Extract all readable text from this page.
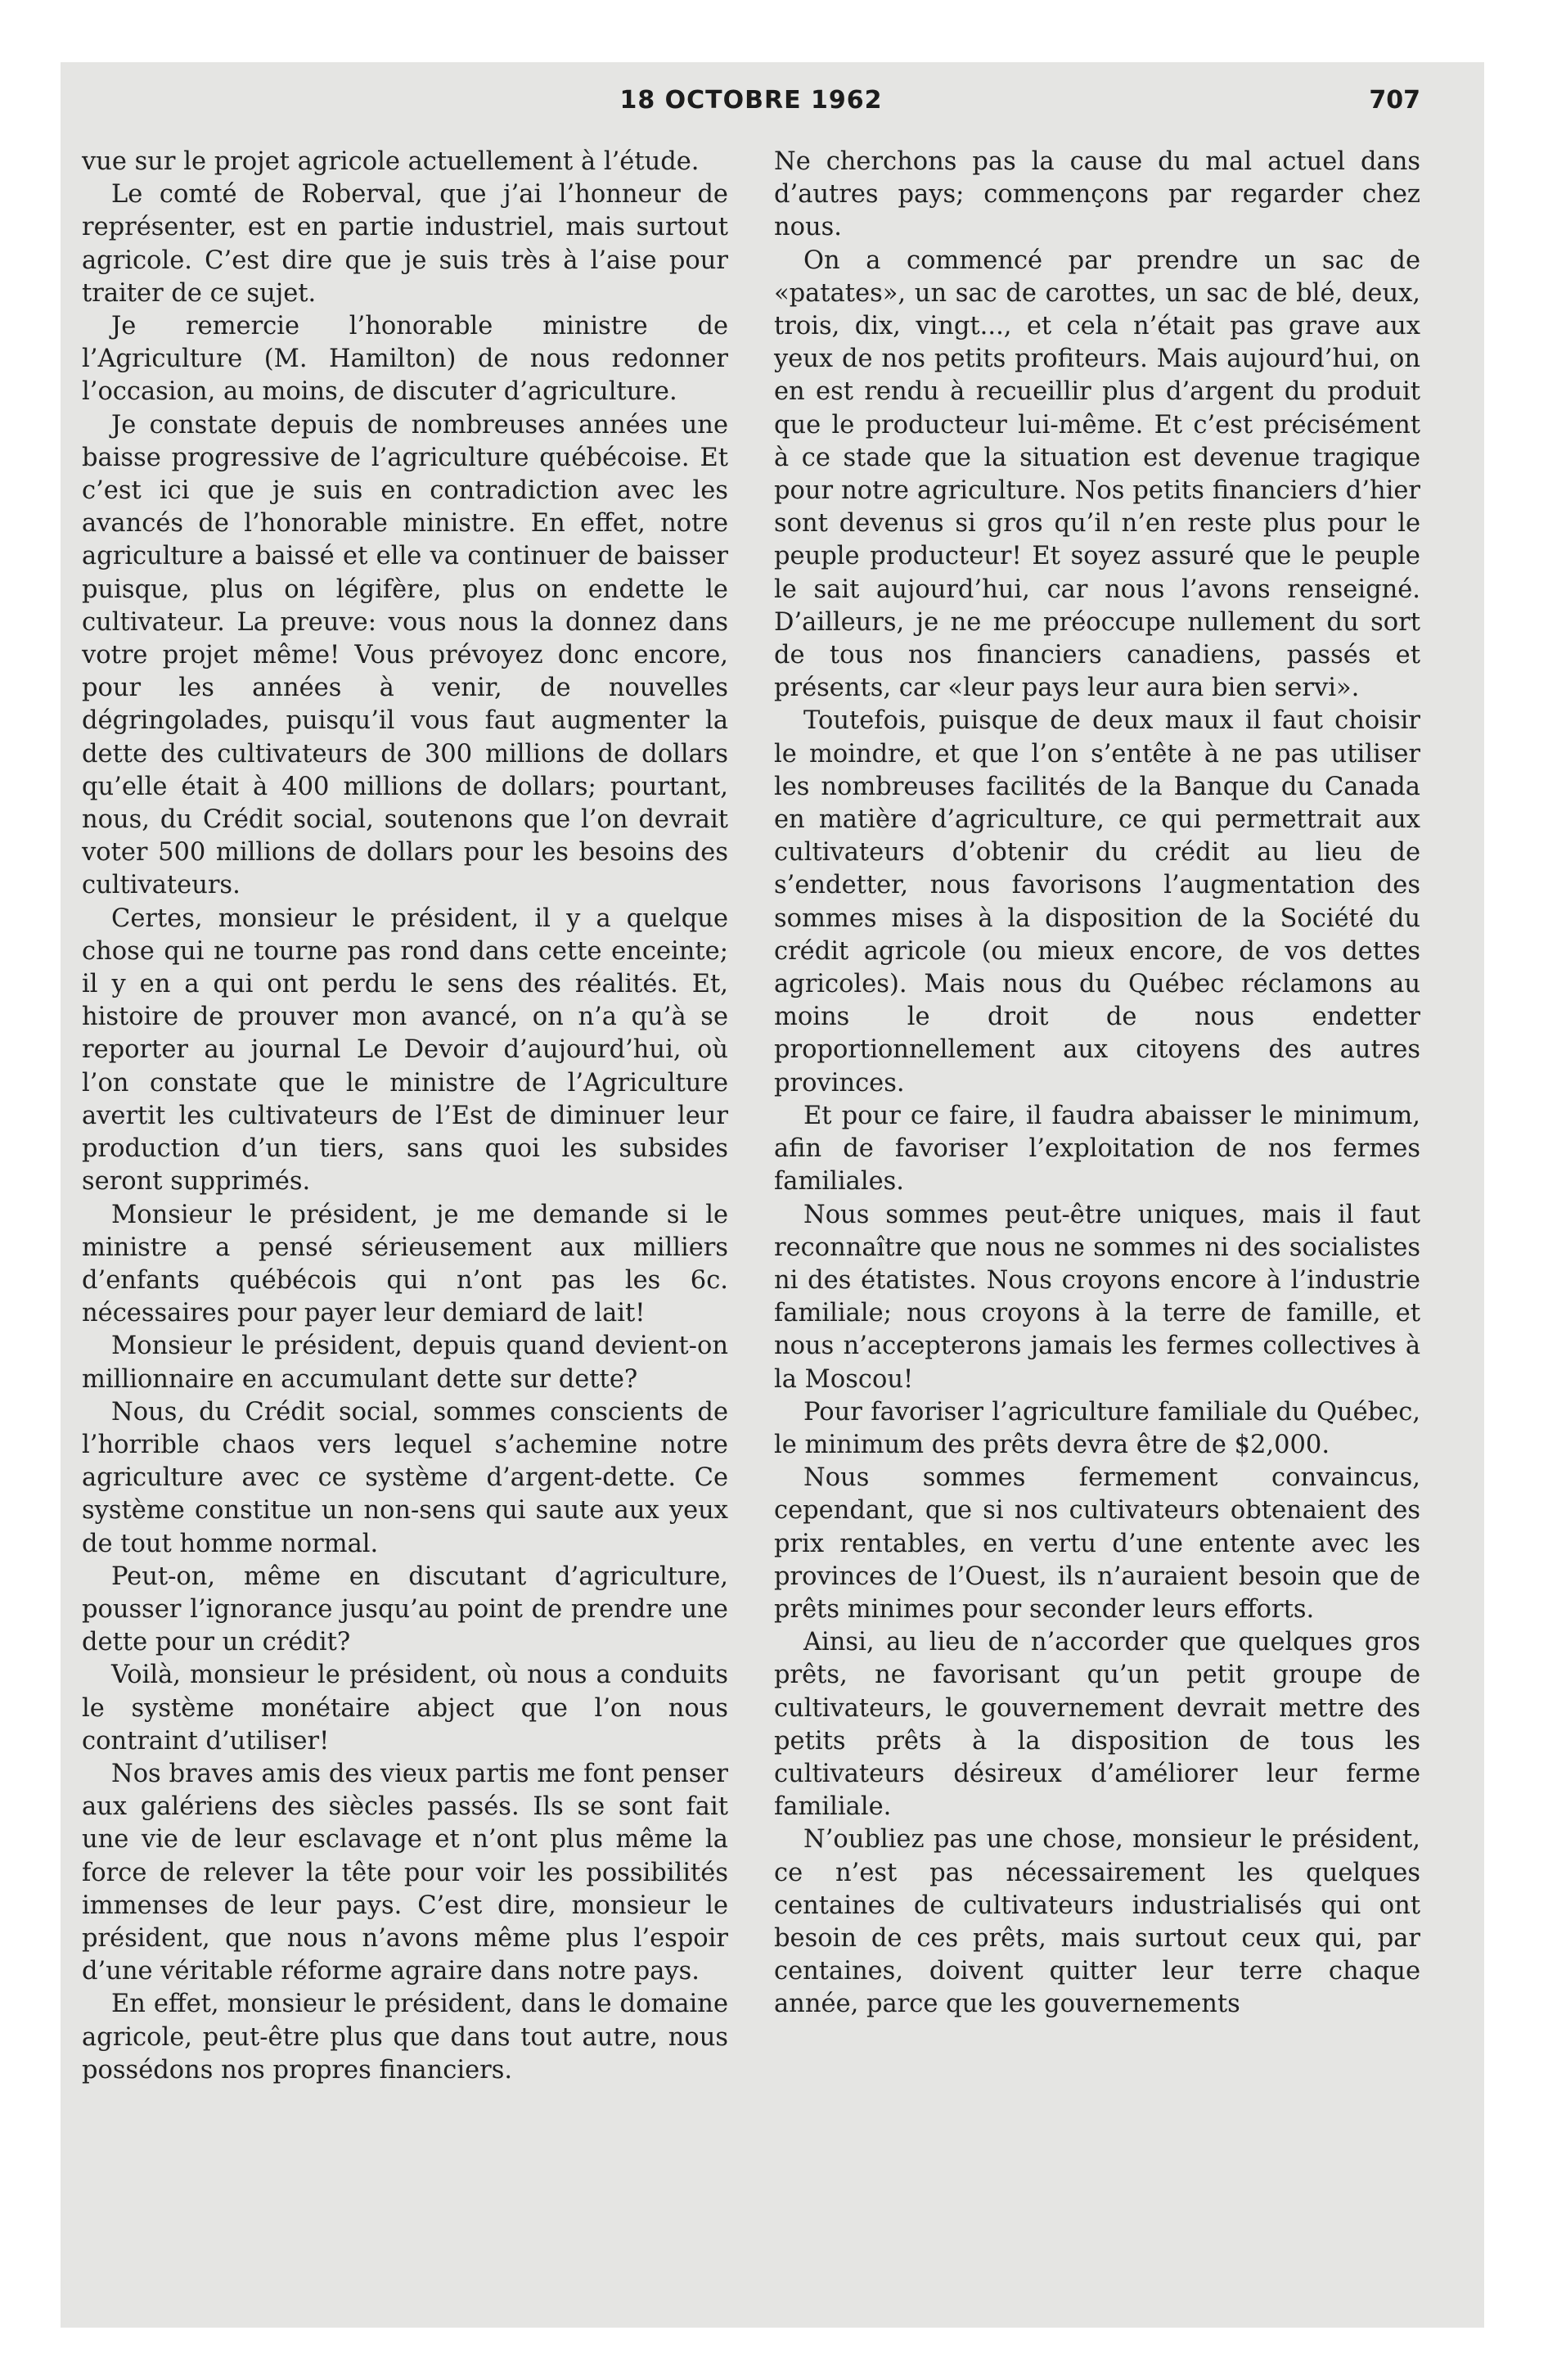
18 OCTOBRE 1962	707

vue sur le projet agricole actuellement à l’étude.

Le comté de Roberval, que j’ai l’honneur de représenter, est en partie industriel, mais surtout agricole. C’est dire que je suis très à l’aise pour traiter de ce sujet.

Je remercie l’honorable ministre de l’Agriculture (M. Hamilton) de nous redonner l’occasion, au moins, de discuter d’agriculture.

Je constate depuis de nombreuses années une baisse progressive de l’agriculture québécoise. Et c’est ici que je suis en contradiction avec les avancés de l’honorable ministre. En effet, notre agriculture a baissé et elle va continuer de baisser puisque, plus on légifère, plus on endette le cultivateur. La preuve: vous nous la donnez dans votre projet même! Vous prévoyez donc encore, pour les années à venir, de nouvelles dégringolades, puisqu’il vous faut augmenter la dette des cultivateurs de 300 millions de dollars qu’elle était à 400 millions de dollars; pourtant, nous, du Crédit social, soutenons que l’on devrait voter 500 millions de dollars pour les besoins des cultivateurs.

Certes, monsieur le président, il y a quelque chose qui ne tourne pas rond dans cette enceinte; il y en a qui ont perdu le sens des réalités. Et, histoire de prouver mon avancé, on n’a qu’à se reporter au journal Le Devoir d’aujourd’hui, où l’on constate que le ministre de l’Agriculture avertit les cultivateurs de l’Est de diminuer leur production d’un tiers, sans quoi les subsides seront supprimés.

Monsieur le président, je me demande si le ministre a pensé sérieusement aux milliers d’enfants québécois qui n’ont pas les 6c. nécessaires pour payer leur demiard de lait!

Monsieur le président, depuis quand devient-on millionnaire en accumulant dette sur dette?

Nous, du Crédit social, sommes conscients de l’horrible chaos vers lequel s’achemine notre agriculture avec ce système d’argent-dette. Ce système constitue un non-sens qui saute aux yeux de tout homme normal.

Peut-on, même en discutant d’agriculture, pousser l’ignorance jusqu’au point de prendre une dette pour un crédit?

Voilà, monsieur le président, où nous a conduits le système monétaire abject que l’on nous contraint d’utiliser!

Nos braves amis des vieux partis me font penser aux galériens des siècles passés. Ils se sont fait une vie de leur esclavage et n’ont plus même la force de relever la tête pour voir les possibilités immenses de leur pays. C’est dire, monsieur le président, que nous n’avons même plus l’espoir d’une véritable réforme agraire dans notre pays.

En effet, monsieur le président, dans le domaine agricole, peut-être plus que dans tout autre, nous possédons nos propres financiers.

Ne cherchons pas la cause du mal actuel dans d’autres pays; commençons par regarder chez nous.

On a commencé par prendre un sac de «patates», un sac de carottes, un sac de blé, deux, trois, dix, vingt..., et cela n’était pas grave aux yeux de nos petits profiteurs. Mais aujourd’hui, on en est rendu à recueillir plus d’argent du produit que le producteur lui-même. Et c’est précisément à ce stade que la situation est devenue tragique pour notre agriculture. Nos petits financiers d’hier sont devenus si gros qu’il n’en reste plus pour le peuple producteur! Et soyez assuré que le peuple le sait aujourd’hui, car nous l’avons renseigné. D’ailleurs, je ne me préoccupe nullement du sort de tous nos financiers canadiens, passés et présents, car «leur pays leur aura bien servi».

Toutefois, puisque de deux maux il faut choisir le moindre, et que l’on s’entête à ne pas utiliser les nombreuses facilités de la Banque du Canada en matière d’agriculture, ce qui permettrait aux cultivateurs d’obtenir du crédit au lieu de s’endetter, nous favorisons l’augmentation des sommes mises à la disposition de la Société du crédit agricole (ou mieux encore, de vos dettes agricoles). Mais nous du Québec réclamons au moins le droit de nous endetter proportionnellement aux citoyens des autres provinces.

Et pour ce faire, il faudra abaisser le minimum, afin de favoriser l’exploitation de nos fermes familiales.

Nous sommes peut-être uniques, mais il faut reconnaître que nous ne sommes ni des socialistes ni des étatistes. Nous croyons encore à l’industrie familiale; nous croyons à la terre de famille, et nous n’accepterons jamais les fermes collectives à la Moscou!

Pour favoriser l’agriculture familiale du Québec, le minimum des prêts devra être de $2,000.

Nous sommes fermement convaincus, cependant, que si nos cultivateurs obtenaient des prix rentables, en vertu d’une entente avec les provinces de l’Ouest, ils n’auraient besoin que de prêts minimes pour seconder leurs efforts.

Ainsi, au lieu de n’accorder que quelques gros prêts, ne favorisant qu’un petit groupe de cultivateurs, le gouvernement devrait mettre des petits prêts à la disposition de tous les cultivateurs désireux d’améliorer leur ferme familiale.

N’oubliez pas une chose, monsieur le président, ce n’est pas nécessairement les quelques centaines de cultivateurs industrialisés qui ont besoin de ces prêts, mais surtout ceux qui, par centaines, doivent quitter leur terre chaque année, parce que les gouvernements
